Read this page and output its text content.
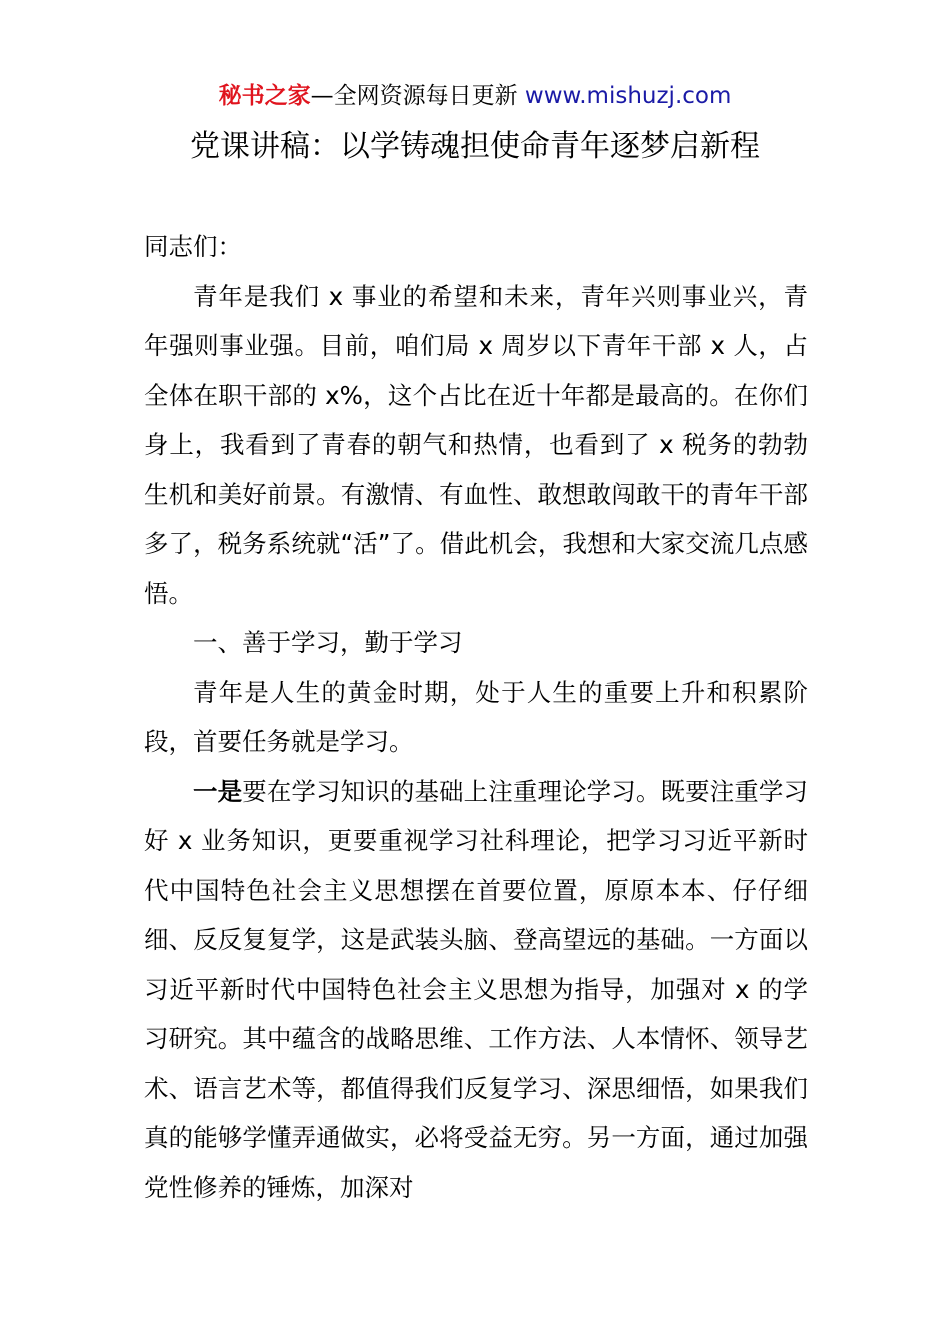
秘书之家—全网资源每日更新 www.mishuzj.com
党课讲稿：以学铸魂担使命青年逐梦启新程

同志们：

青年是我们 x 事业的希望和未来，青年兴则事业兴，青年强则事业强。目前，咱们局 x 周岁以下青年干部 x 人，占全体在职干部的 x%，这个占比在近十年都是最高的。在你们身上，我看到了青春的朝气和热情，也看到了 x 税务的勃勃生机和美好前景。有激情、有血性、敢想敢闯敢干的青年干部多了，税务系统就“活”了。借此机会，我想和大家交流几点感悟。

一、善于学习，勤于学习

青年是人生的黄金时期，处于人生的重要上升和积累阶段，首要任务就是学习。

一是要在学习知识的基础上注重理论学习。既要注重学习好 x 业务知识，更要重视学习社科理论，把学习习近平新时代中国特色社会主义思想摆在首要位置，原原本本、仔仔细细、反反复复学，这是武装头脑、登高望远的基础。一方面以习近平新时代中国特色社会主义思想为指导，加强对 x 的学习研究。其中蕴含的战略思维、工作方法、人本情怀、领导艺术、语言艺术等，都值得我们反复学习、深思细悟，如果我们真的能够学懂弄通做实，必将受益无穷。另一方面，通过加强党性修养的锤炼，加深对
